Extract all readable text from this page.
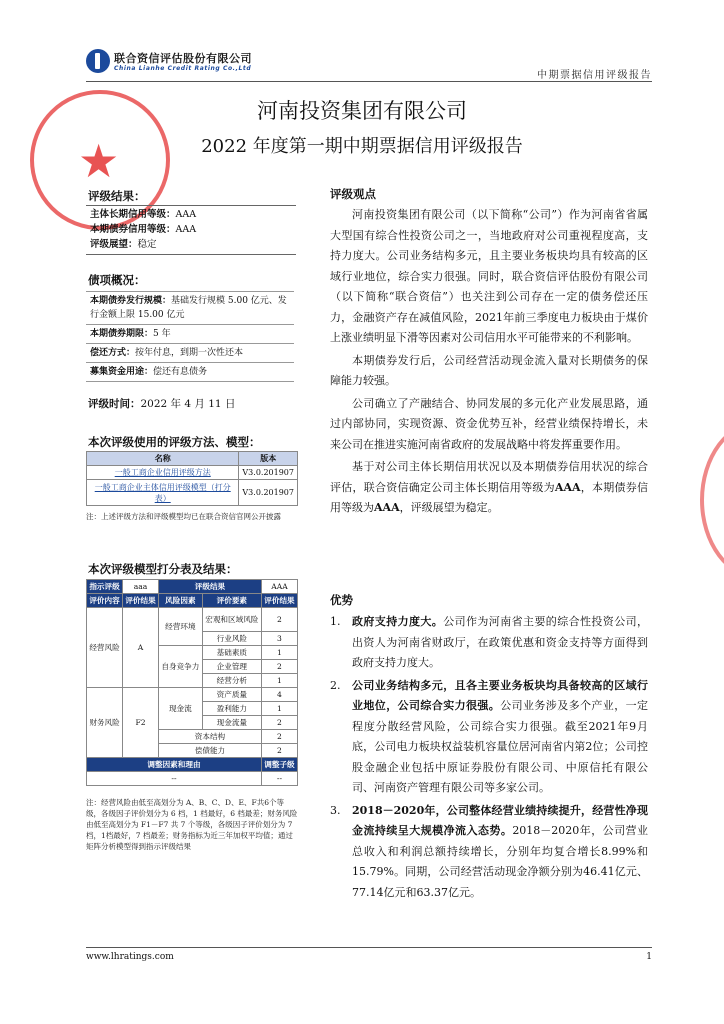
★
联合资信评估股份有限公司
China Lianhe Credit Rating Co.,Ltd
中期票据信用评级报告
河南投资集团有限公司
2022 年度第一期中期票据信用评级报告
评级结果：
主体长期信用等级：AAA
本期债券信用等级：AAA
评级展望：稳定
债项概况：
本期债券发行规模：基础发行规模 5.00 亿元、发行金额上限 15.00 亿元
本期债券期限：5 年
偿还方式：按年付息，到期一次性还本
募集资金用途：偿还有息债务
评级时间：2022 年 4 月 11 日
本次评级使用的评级方法、模型：
名称	版本
一般工商企业信用评级方法	V3.0.201907
一般工商企业主体信用评级模型（打分表）	V3.0.201907
注：上述评级方法和评级模型均已在联合资信官网公开披露
本次评级模型打分表及结果：
指示评级	aaa	评级结果		AAA
评价内容	评价结果	风险因素	评价要素	评价结果
经营风险	A	经营环境	宏观和区域风险	2
			行业风险	3
		自身竞争力	基础素质	1
			企业管理	2
			经营分析	1
财务风险	F2	现金流	资产质量	4
			盈利能力	1
			现金流量	2
		资本结构		2
		偿债能力		2
调整因素和理由				调整子级
--				--
注：经营风险由低至高划分为 A、B、C、D、E、F共6个等级，各级因子评价划分为 6 档，1 档最好，6 档最差；财务风险由低至高划分为 F1－F7 共 7 个等级，各级因子评价划分为 7 档，1档最好，7 档最差；财务指标为近三年加权平均值；通过矩阵分析模型得到指示评级结果
评级观点

河南投资集团有限公司（以下简称“公司”）作为河南省省属大型国有综合性投资公司之一，当地政府对公司重视程度高，支持力度大。公司业务结构多元，且主要业务板块均具有较高的区域行业地位，综合实力很强。同时，联合资信评估股份有限公司（以下简称“联合资信”）也关注到公司存在一定的债务偿还压力，金融资产存在减值风险，2021年前三季度电力板块由于煤价上涨业绩明显下滑等因素对公司信用水平可能带来的不利影响。

本期债券发行后，公司经营活动现金流入量对长期债务的保障能力较强。

公司确立了产融结合、协同发展的多元化产业发展思路，通过内部协同，实现资源、资金优势互补，经营业绩保持增长，未来公司在推进实施河南省政府的发展战略中将发挥重要作用。

基于对公司主体长期信用状况以及本期债券信用状况的综合评估，联合资信确定公司主体长期信用等级为AAA，本期债券信用等级为AAA，评级展望为稳定。

优势
1. 政府支持力度大。公司作为河南省主要的综合性投资公司，出资人为河南省财政厅，在政策优惠和资金支持等方面得到政府支持力度大。
2. 公司业务结构多元，且各主要业务板块均具备较高的区域行业地位，公司综合实力很强。公司业务涉及多个产业，一定程度分散经营风险，公司综合实力很强。截至2021年9月底，公司电力板块权益装机容量位居河南省内第2位；公司控股金融企业包括中原证券股份有限公司、中原信托有限公司、河南资产管理有限公司等多家公司。
3. 2018－2020年，公司整体经营业绩持续提升，经营性净现金流持续呈大规模净流入态势。2018－2020年，公司营业总收入和利润总额持续增长，分别年均复合增长8.99%和15.79%。同期，公司经营活动现金净额分别为46.41亿元、77.14亿元和63.37亿元。
www.lhratings.com	1
